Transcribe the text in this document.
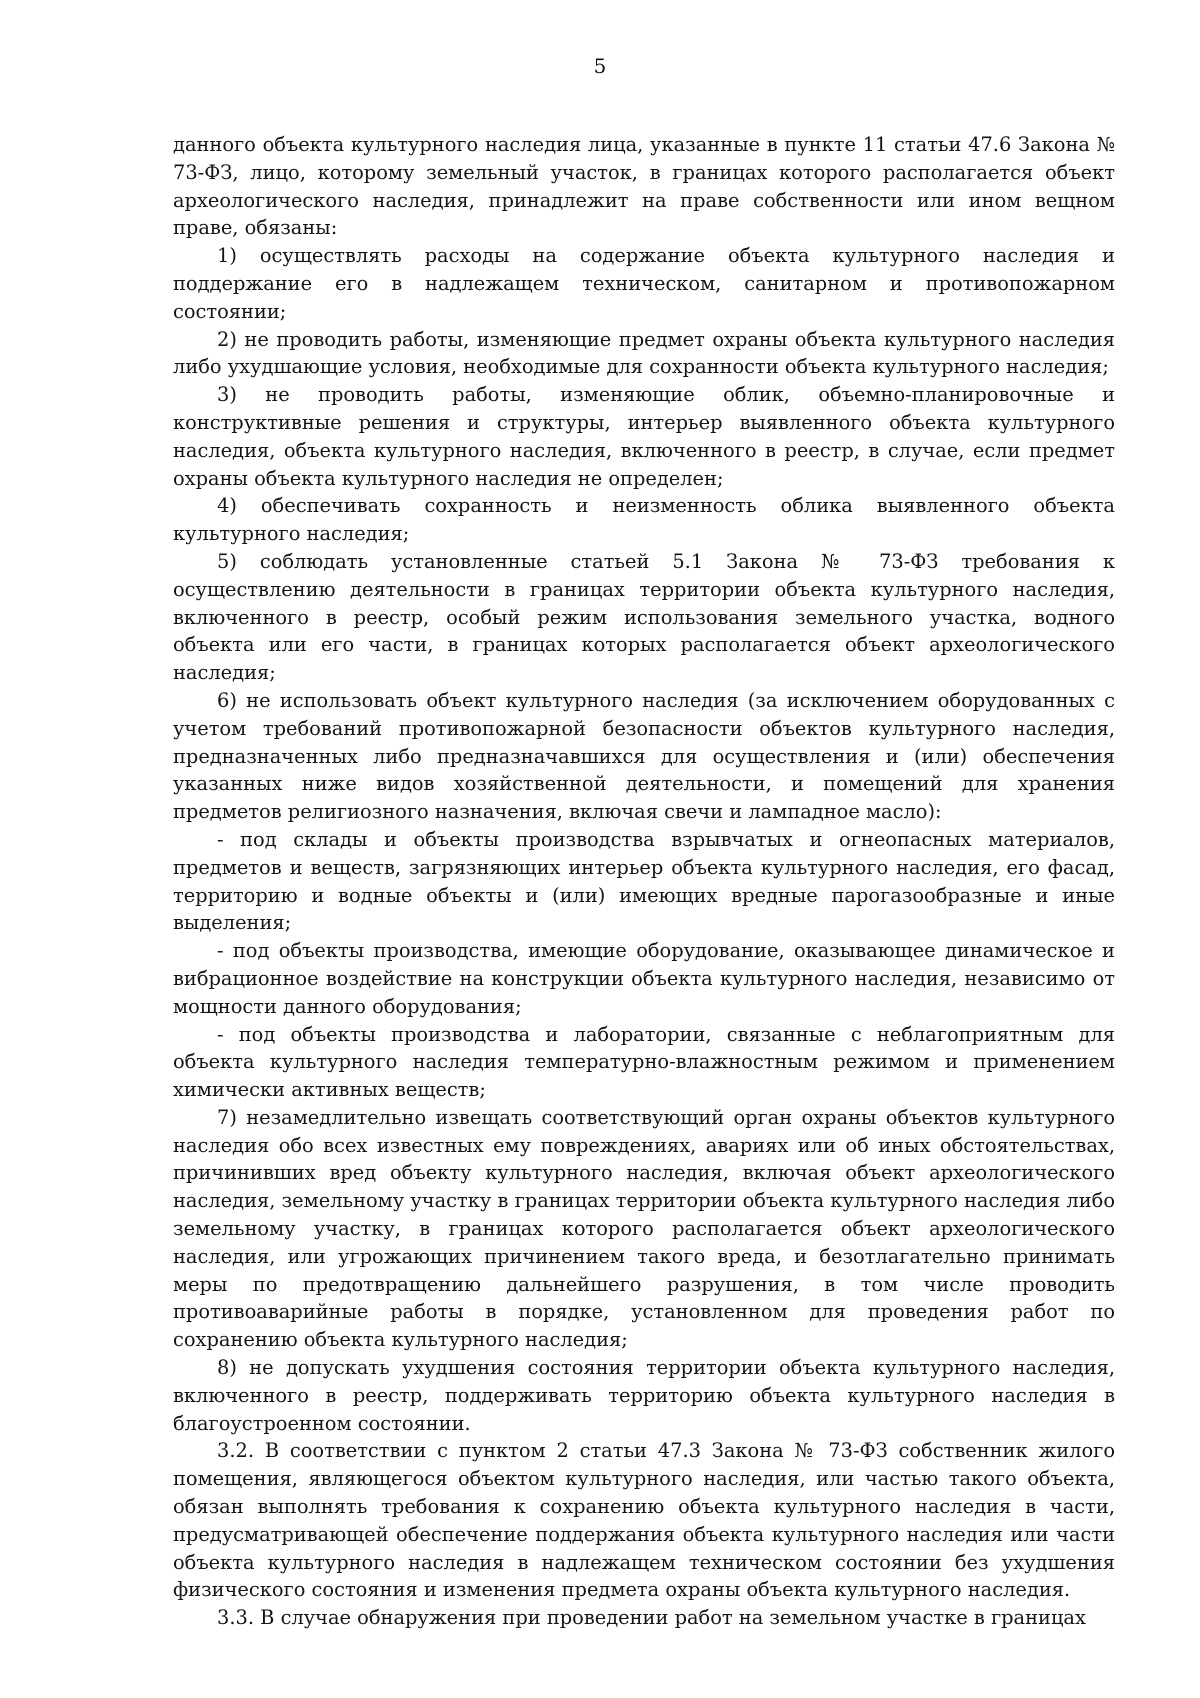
5

данного объекта культурного наследия лица, указанные в пункте 11 статьи 47.6 Закона № 73-ФЗ, лицо, которому земельный участок, в границах которого располагается объект археологического наследия, принадлежит на праве собственности или ином вещном праве, обязаны:

1) осуществлять расходы на содержание объекта культурного наследия и поддержание его в надлежащем техническом, санитарном и противопожарном состоянии;

2) не проводить работы, изменяющие предмет охраны объекта культурного наследия либо ухудшающие условия, необходимые для сохранности объекта культурного наследия;

3) не проводить работы, изменяющие облик, объемно-планировочные и конструктивные решения и структуры, интерьер выявленного объекта культурного наследия, объекта культурного наследия, включенного в реестр, в случае, если предмет охраны объекта культурного наследия не определен;

4) обеспечивать сохранность и неизменность облика выявленного объекта культурного наследия;

5) соблюдать установленные статьей 5.1 Закона № 73-ФЗ требования к осуществлению деятельности в границах территории объекта культурного наследия, включенного в реестр, особый режим использования земельного участка, водного объекта или его части, в границах которых располагается объект археологического наследия;

6) не использовать объект культурного наследия (за исключением оборудованных с учетом требований противопожарной безопасности объектов культурного наследия, предназначенных либо предназначавшихся для осуществления и (или) обеспечения указанных ниже видов хозяйственной деятельности, и помещений для хранения предметов религиозного назначения, включая свечи и лампадное масло):

- под склады и объекты производства взрывчатых и огнеопасных материалов, предметов и веществ, загрязняющих интерьер объекта культурного наследия, его фасад, территорию и водные объекты и (или) имеющих вредные парогазообразные и иные выделения;

- под объекты производства, имеющие оборудование, оказывающее динамическое и вибрационное воздействие на конструкции объекта культурного наследия, независимо от мощности данного оборудования;

- под объекты производства и лаборатории, связанные с неблагоприятным для объекта культурного наследия температурно-влажностным режимом и применением химически активных веществ;

7) незамедлительно извещать соответствующий орган охраны объектов культурного наследия обо всех известных ему повреждениях, авариях или об иных обстоятельствах, причинивших вред объекту культурного наследия, включая объект археологического наследия, земельному участку в границах территории объекта культурного наследия либо земельному участку, в границах которого располагается объект археологического наследия, или угрожающих причинением такого вреда, и безотлагательно принимать меры по предотвращению дальнейшего разрушения, в том числе проводить противоаварийные работы в порядке, установленном для проведения работ по сохранению объекта культурного наследия;

8) не допускать ухудшения состояния территории объекта культурного наследия, включенного в реестр, поддерживать территорию объекта культурного наследия в благоустроенном состоянии.

3.2. В соответствии с пунктом 2 статьи 47.3 Закона № 73-ФЗ собственник жилого помещения, являющегося объектом культурного наследия, или частью такого объекта, обязан выполнять требования к сохранению объекта культурного наследия в части, предусматривающей обеспечение поддержания объекта культурного наследия или части объекта культурного наследия в надлежащем техническом состоянии без ухудшения физического состояния и изменения предмета охраны объекта культурного наследия.

3.3. В случае обнаружения при проведении работ на земельном участке в границах
